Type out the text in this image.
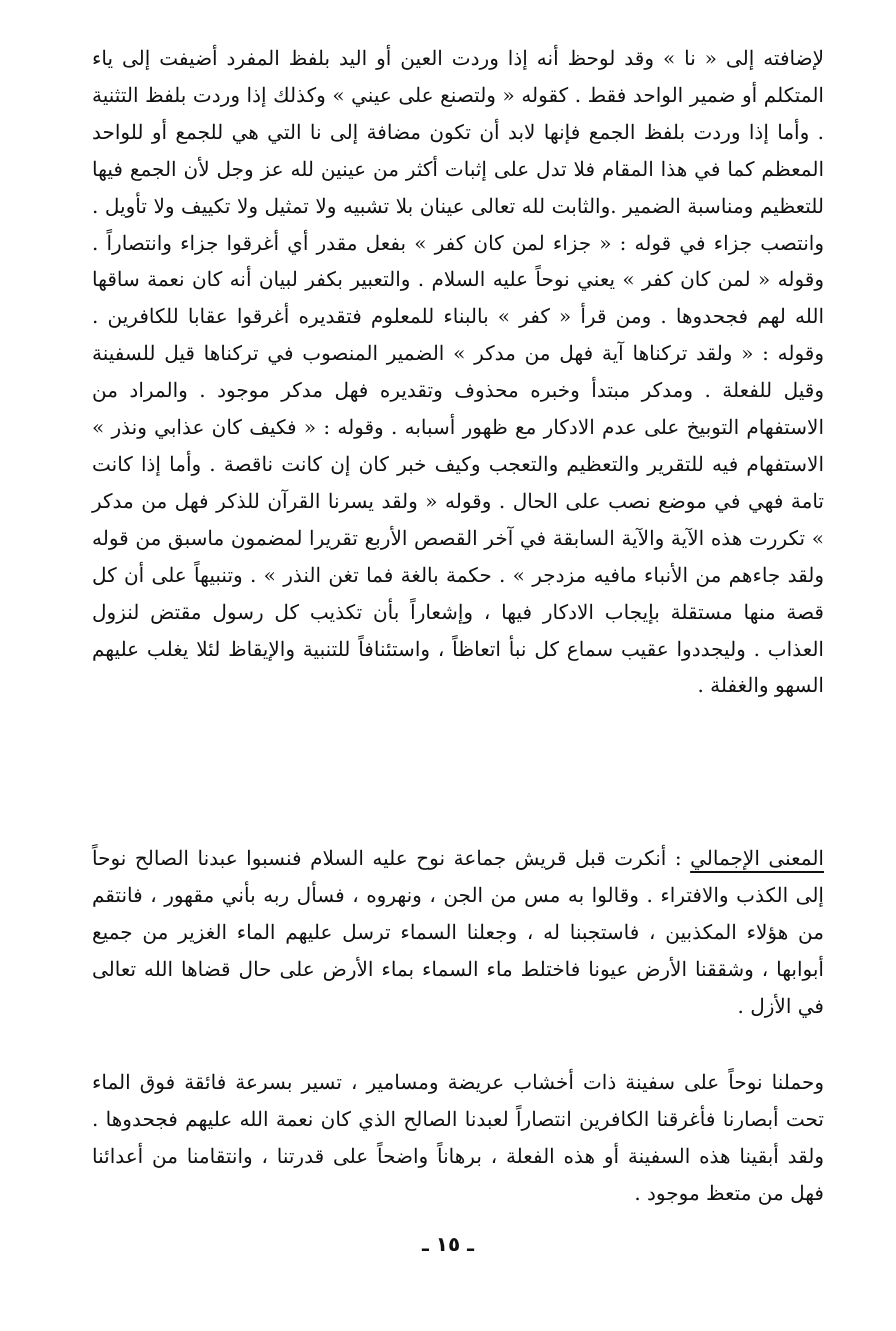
لإضافته إلى « نا » وقد لوحظ أنه إذا وردت العين أو اليد بلفظ المفرد أضيفت إلى ياء المتكلم أو ضمير الواحد فقط . كقوله « ولتصنع على عيني » وكذلك إذا وردت بلفظ التثنية . وأما إذا وردت بلفظ الجمع فإنها لابد أن تكون مضافة إلى نا التي هي للجمع أو للواحد المعظم كما في هذا المقام فلا تدل على إثبات أكثر من عينين لله عز وجل لأن الجمع فيها للتعظيم ومناسبة الضمير .والثابت لله تعالى عينان بلا تشبيه ولا تمثيل ولا تكييف ولا تأويل . وانتصب جزاء في قوله : « جزاء لمن كان كفر » بفعل مقدر أي أغرقوا جزاء وانتصاراً . وقوله « لمن كان كفر » يعني نوحاً عليه السلام . والتعبير بكفر لبيان أنه كان نعمة ساقها الله لهم فجحدوها . ومن قرأ « كفر » بالبناء للمعلوم فتقديره أغرقوا عقابا للكافرين . وقوله : « ولقد تركناها آية فهل من مدكر » الضمير المنصوب في تركناها قيل للسفينة وقيل للفعلة . ومدكر مبتدأ وخبره محذوف وتقديره فهل مدكر موجود . والمراد من الاستفهام التوبيخ على عدم الادكار مع ظهور أسبابه . وقوله : « فكيف كان عذابي ونذر » الاستفهام فيه للتقرير والتعظيم والتعجب وكيف خبر كان إن كانت ناقصة . وأما إذا كانت تامة فهي في موضع نصب على الحال . وقوله « ولقد يسرنا القرآن للذكر فهل من مدكر » تكررت هذه الآية والآية السابقة في آخر القصص الأربع تقريرا لمضمون ماسبق من قوله ولقد جاءهم من الأنباء مافيه مزدجر » . حكمة بالغة فما تغن النذر » . وتنبيهاً على أن كل قصة منها مستقلة بإيجاب الادكار فيها ، وإشعاراً بأن تكذيب كل رسول مقتض لنزول العذاب . وليجددوا عقيب سماع كل نبأ اتعاظاً ، واستئنافاً للتنبية والإيقاظ لئلا يغلب عليهم السهو والغفلة .

المعنى الإجمالي : أنكرت قبل قريش جماعة نوح عليه السلام فنسبوا عبدنا الصالح نوحاً إلى الكذب والافتراء . وقالوا به مس من الجن ، ونهروه ، فسأل ربه بأني مقهور ، فانتقم من هؤلاء المكذبين ، فاستجبنا له ، وجعلنا السماء ترسل عليهم الماء الغزير من جميع أبوابها ، وشققنا الأرض عيونا فاختلط ماء السماء بماء الأرض على حال قضاها الله تعالى في الأزل .

وحملنا نوحاً على سفينة ذات أخشاب عريضة ومسامير ، تسير بسرعة فائقة فوق الماء تحت أبصارنا فأغرقنا الكافرين انتصاراً لعبدنا الصالح الذي كان نعمة الله عليهم فجحدوها . ولقد أبقينا هذه السفينة أو هذه الفعلة ، برهاناً واضحاً على قدرتنا ، وانتقامنا من أعدائنا فهل من متعظ موجود .

ـ ١٥ ـ
